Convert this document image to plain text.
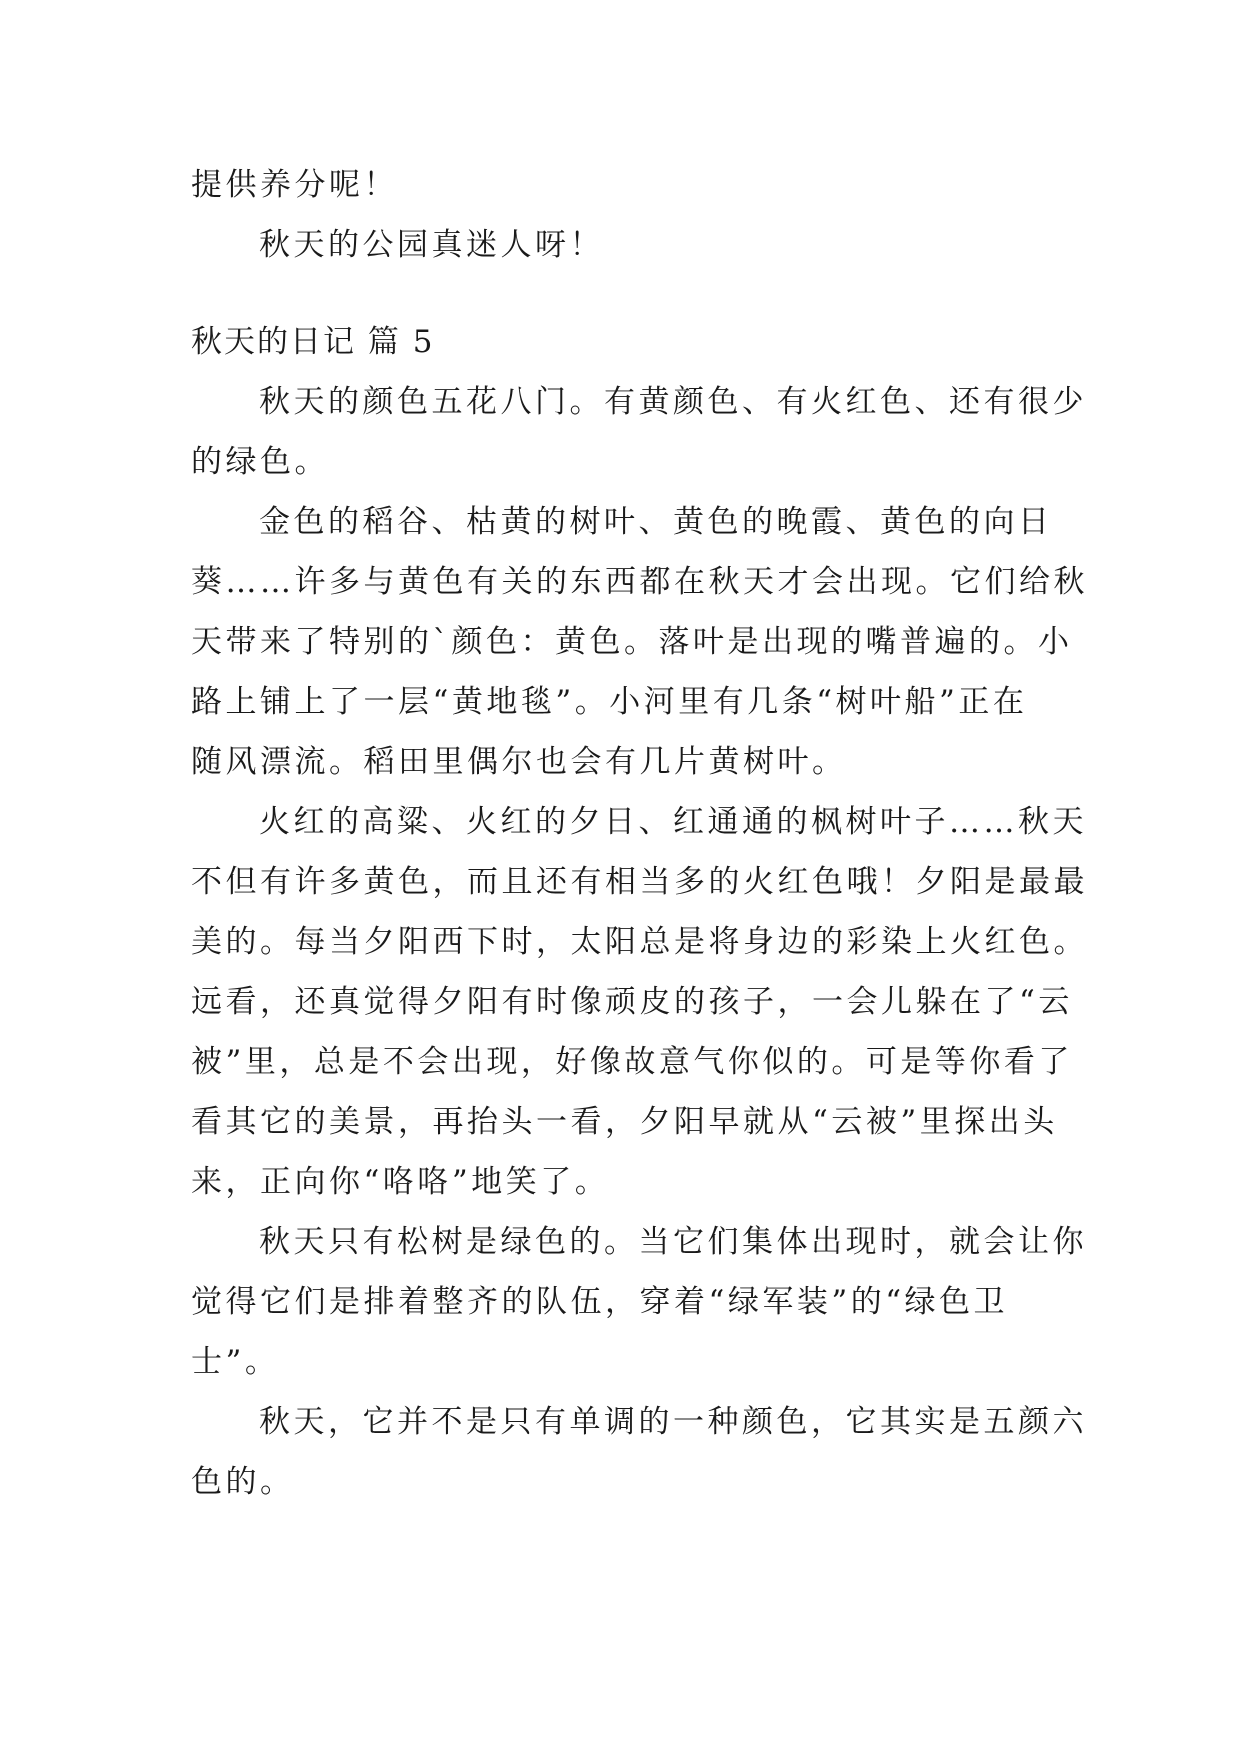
提供养分呢！
秋天的公园真迷人呀！
秋天的日记 篇 5
秋天的颜色五花八门。有黄颜色、有火红色、还有很少
的绿色。
金色的稻谷、枯黄的树叶、黄色的晚霞、黄色的向日
葵……许多与黄色有关的东西都在秋天才会出现。它们给秋
天带来了特别的`颜色：黄色。落叶是出现的嘴普遍的。小
路上铺上了一层“黄地毯”。小河里有几条“树叶船”正在
随风漂流。稻田里偶尔也会有几片黄树叶。
火红的高粱、火红的夕日、红通通的枫树叶子……秋天
不但有许多黄色，而且还有相当多的火红色哦！夕阳是最最
美的。每当夕阳西下时，太阳总是将身边的彩染上火红色。
远看，还真觉得夕阳有时像顽皮的孩子，一会儿躲在了“云
被”里，总是不会出现，好像故意气你似的。可是等你看了
看其它的美景，再抬头一看，夕阳早就从“云被”里探出头
来，正向你“咯咯”地笑了。
秋天只有松树是绿色的。当它们集体出现时，就会让你
觉得它们是排着整齐的队伍，穿着“绿军装”的“绿色卫
士”。
秋天，它并不是只有单调的一种颜色，它其实是五颜六
色的。
